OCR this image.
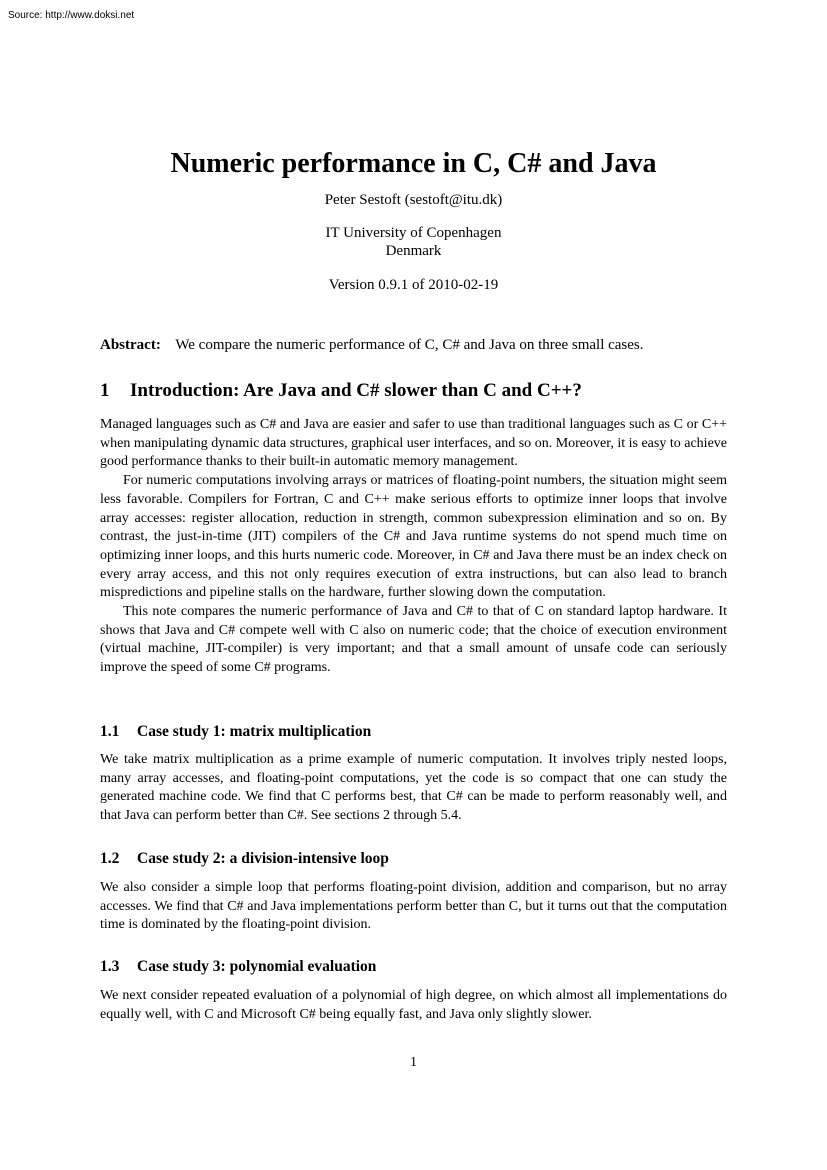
Source: http://www.doksi.net
Numeric performance in C, C# and Java
Peter Sestoft (sestoft@itu.dk)
IT University of Copenhagen
Denmark
Version 0.9.1 of 2010-02-19
Abstract: We compare the numeric performance of C, C# and Java on three small cases.
1 Introduction: Are Java and C# slower than C and C++?

Managed languages such as C# and Java are easier and safer to use than traditional languages such as C or C++ when manipulating dynamic data structures, graphical user interfaces, and so on. Moreover, it is easy to achieve good performance thanks to their built-in automatic memory management.

For numeric computations involving arrays or matrices of floating-point numbers, the situation might seem less favorable. Compilers for Fortran, C and C++ make serious efforts to optimize inner loops that involve array accesses: register allocation, reduction in strength, common subexpression elimination and so on. By contrast, the just-in-time (JIT) compilers of the C# and Java runtime systems do not spend much time on optimizing inner loops, and this hurts numeric code. Moreover, in C# and Java there must be an index check on every array access, and this not only requires execution of extra instructions, but can also lead to branch mispredictions and pipeline stalls on the hardware, further slowing down the computation.

This note compares the numeric performance of Java and C# to that of C on standard laptop hardware. It shows that Java and C# compete well with C also on numeric code; that the choice of execution environment (virtual machine, JIT-compiler) is very important; and that a small amount of unsafe code can seriously improve the speed of some C# programs.

1.1 Case study 1: matrix multiplication

We take matrix multiplication as a prime example of numeric computation. It involves triply nested loops, many array accesses, and floating-point computations, yet the code is so compact that one can study the generated machine code. We find that C performs best, that C# can be made to perform reasonably well, and that Java can perform better than C#. See sections 2 through 5.4.

1.2 Case study 2: a division-intensive loop

We also consider a simple loop that performs floating-point division, addition and comparison, but no array accesses. We find that C# and Java implementations perform better than C, but it turns out that the computation time is dominated by the floating-point division.

1.3 Case study 3: polynomial evaluation

We next consider repeated evaluation of a polynomial of high degree, on which almost all implementations do equally well, with C and Microsoft C# being equally fast, and Java only slightly slower.

1
